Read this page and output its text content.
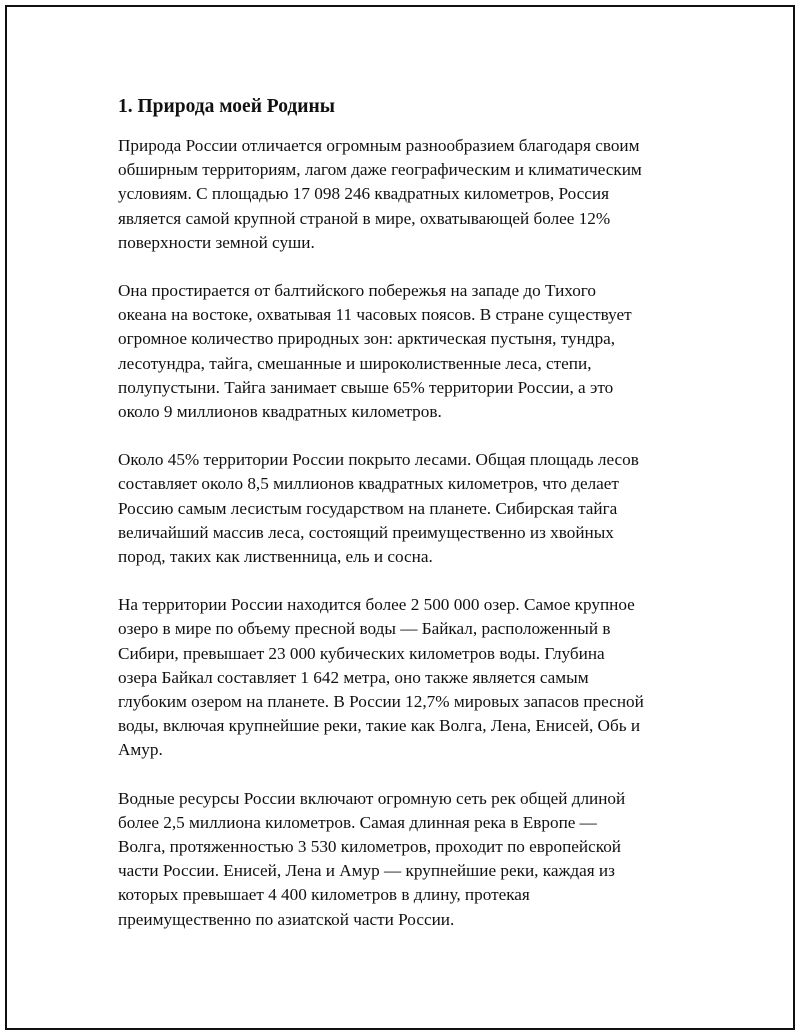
1. Природа моей Родины
Природа России отличается огромным разнообразием благодаря своим
обширным территориям, лагом даже географическим и климатическим
условиям. С площадью 17 098 246 квадратных километров, Россия
является самой крупной страной в мире, охватывающей более 12%
поверхности земной суши.
Она простирается от балтийского побережья на западе до Тихого
океана на востоке, охватывая 11 часовых поясов. В стране существует
огромное количество природных зон: арктическая пустыня, тундра,
лесотундра, тайга, смешанные и широколиственные леса, степи,
полупустыни. Тайга занимает свыше 65% территории России, а это
около 9 миллионов квадратных километров.
Около 45% территории России покрыто лесами. Общая площадь лесов
составляет около 8,5 миллионов квадратных километров, что делает
Россию самым лесистым государством на планете. Сибирская тайга
величайший массив леса, состоящий преимущественно из хвойных
пород, таких как лиственница, ель и сосна.
На территории России находится более 2 500 000 озер. Самое крупное
озеро в мире по объему пресной воды — Байкал, расположенный в
Сибири, превышает 23 000 кубических километров воды. Глубина
озера Байкал составляет 1 642 метра, оно также является самым
глубоким озером на планете. В России 12,7% мировых запасов пресной
воды, включая крупнейшие реки, такие как Волга, Лена, Енисей, Обь и
Амур.
Водные ресурсы России включают огромную сеть рек общей длиной
более 2,5 миллиона километров. Самая длинная река в Европе —
Волга, протяженностью 3 530 километров, проходит по европейской
части России. Енисей, Лена и Амур — крупнейшие реки, каждая из
которых превышает 4 400 километров в длину, протекая
преимущественно по азиатской части России.
